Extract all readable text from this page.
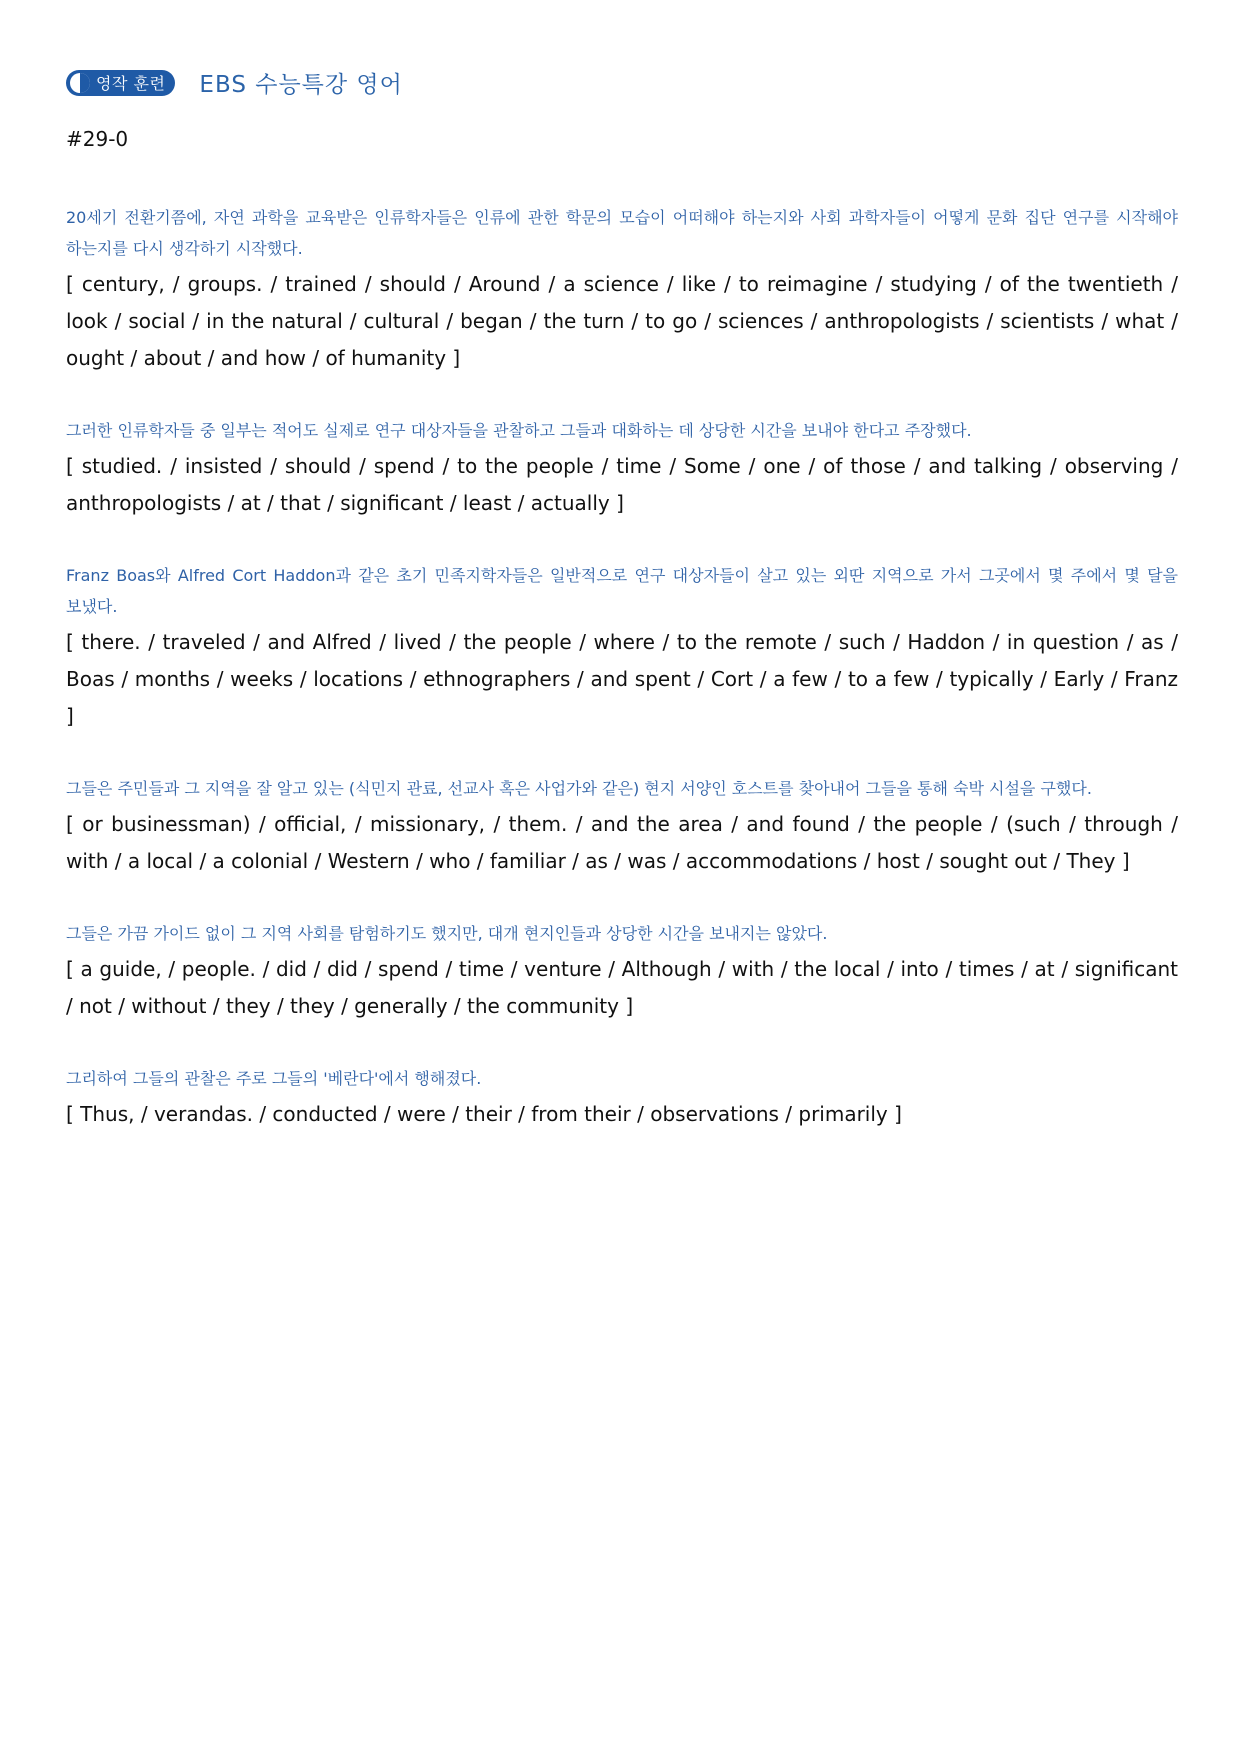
영작 훈련 EBS 수능특강 영어
#29-0
20세기 전환기쯤에, 자연 과학을 교육받은 인류학자들은 인류에 관한 학문의 모습이 어떠해야 하는지와 사회 과학자들이 어떻게 문화 집단 연구를 시작해야 하는지를 다시 생각하기 시작했다.
[ century, / groups. / trained / should / Around / a science / like / to reimagine / studying / of the twentieth / look / social / in the natural / cultural / began / the turn / to go / sciences / anthropologists / scientists / what / ought / about / and how / of humanity ]
그러한 인류학자들 중 일부는 적어도 실제로 연구 대상자들을 관찰하고 그들과 대화하는 데 상당한 시간을 보내야 한다고 주장했다.
[ studied. / insisted / should / spend / to the people / time / Some / one / of those / and talking / observing / anthropologists / at / that / significant / least / actually ]
Franz Boas와 Alfred Cort Haddon과 같은 초기 민족지학자들은 일반적으로 연구 대상자들이 살고 있는 외딴 지역으로 가서 그곳에서 몇 주에서 몇 달을 보냈다.
[ there. / traveled / and Alfred / lived / the people / where / to the remote / such / Haddon / in question / as / Boas / months / weeks / locations / ethnographers / and spent / Cort / a few / to a few / typically / Early / Franz ]
그들은 주민들과 그 지역을 잘 알고 있는 (식민지 관료, 선교사 혹은 사업가와 같은) 현지 서양인 호스트를 찾아내어 그들을 통해 숙박 시설을 구했다.
[ or businessman) / official, / missionary, / them. / and the area / and found / the people / (such / through / with / a local / a colonial / Western / who / familiar / as / was / accommodations / host / sought out / They ]
그들은 가끔 가이드 없이 그 지역 사회를 탐험하기도 했지만, 대개 현지인들과 상당한 시간을 보내지는 않았다.
[ a guide, / people. / did / did / spend / time / venture / Although / with / the local / into / times / at / significant / not / without / they / they / generally / the community ]
그리하여 그들의 관찰은 주로 그들의 '베란다'에서 행해졌다.
[ Thus, / verandas. / conducted / were / their / from their / observations / primarily ]
